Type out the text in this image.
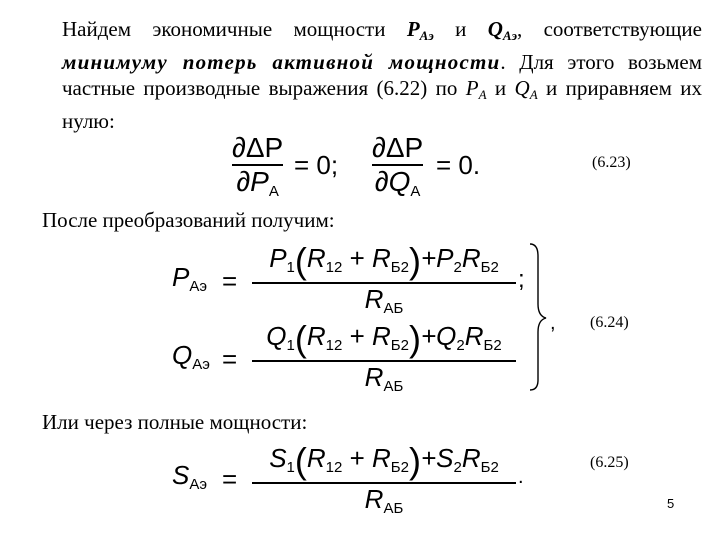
Найдем экономичные мощности $P_{Aэ}$ и $Q_{Aэ}$, соответствующие минимуму потерь активной мощности. Для этого возьмем частные производные выражения (6.22) по $P_A$ и $Q_A$ и приравняем их нулю:
∂ΔP
∂PA
= 0;
∂ΔP
∂QA
= 0.	(6.23)
После преобразований получим:
PAэ =
P1(R12 + RБ2)+P2RБ2
RАБ
;
QAэ =
Q1(R12 + RБ2)+Q2RБ2
RАБ
, (6.24)
Или через полные мощности:
SAэ =
S1(R12 + RБ2)+S2RБ2
RАБ
.
(6.25)
5
